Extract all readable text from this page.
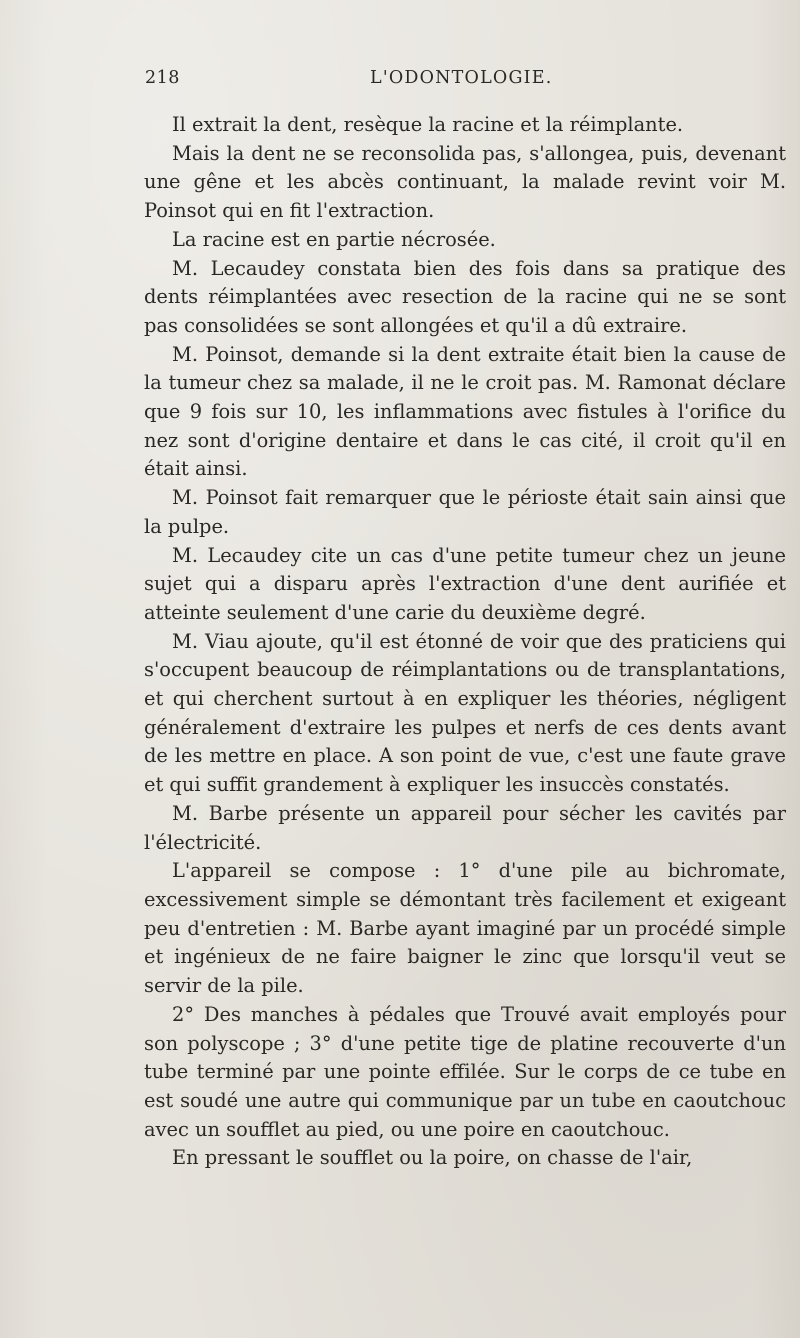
218	L'ODONTOLOGIE.

Il extrait la dent, resèque la racine et la réimplante.

Mais la dent ne se reconsolida pas, s'allongea, puis, devenant une gêne et les abcès continuant, la malade revint voir M. Poinsot qui en fit l'extraction.

La racine est en partie nécrosée.

M. Lecaudey constata bien des fois dans sa pratique des dents réimplantées avec resection de la racine qui ne se sont pas consolidées se sont allongées et qu'il a dû extraire.

M. Poinsot, demande si la dent extraite était bien la cause de la tumeur chez sa malade, il ne le croit pas. M. Ramonat déclare que 9 fois sur 10, les inflammations avec fistules à l'orifice du nez sont d'origine dentaire et dans le cas cité, il croit qu'il en était ainsi.

M. Poinsot fait remarquer que le périoste était sain ainsi que la pulpe.

M. Lecaudey cite un cas d'une petite tumeur chez un jeune sujet qui a disparu après l'extraction d'une dent aurifiée et atteinte seulement d'une carie du deuxième degré.

M. Viau ajoute, qu'il est étonné de voir que des praticiens qui s'occupent beaucoup de réimplantations ou de transplantations, et qui cherchent surtout à en expliquer les théories, négligent généralement d'extraire les pulpes et nerfs de ces dents avant de les mettre en place. A son point de vue, c'est une faute grave et qui suffit grandement à expliquer les insuccès constatés.

M. Barbe présente un appareil pour sécher les cavités par l'électricité.

L'appareil se compose : 1° d'une pile au bichromate, excessivement simple se démontant très facilement et exigeant peu d'entretien : M. Barbe ayant imaginé par un procédé simple et ingénieux de ne faire baigner le zinc que lorsqu'il veut se servir de la pile.

2° Des manches à pédales que Trouvé avait employés pour son polyscope ; 3° d'une petite tige de platine recouverte d'un tube terminé par une pointe effilée. Sur le corps de ce tube en est soudé une autre qui communique par un tube en caoutchouc avec un soufflet au pied, ou une poire en caoutchouc.

En pressant le soufflet ou la poire, on chasse de l'air,
